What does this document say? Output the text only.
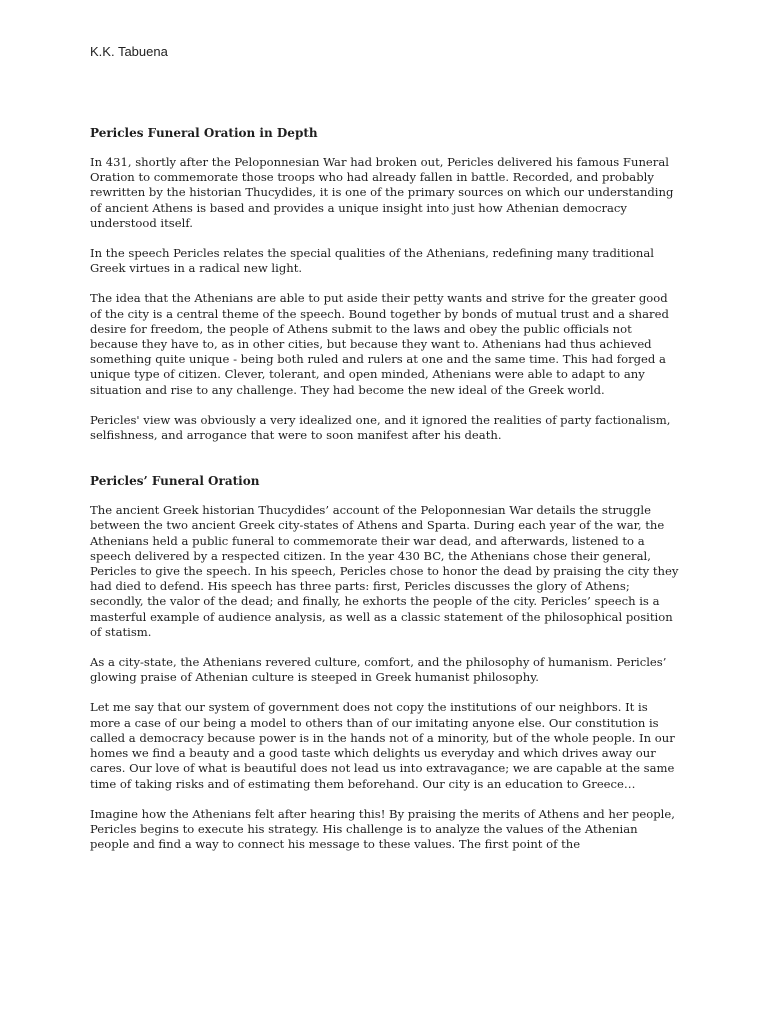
K.K. Tabuena
Pericles Funeral Oration in Depth

In 431, shortly after the Peloponnesian War had broken out, Pericles delivered his famous Funeral Oration to commemorate those troops who had already fallen in battle. Recorded, and probably rewritten by the historian Thucydides, it is one of the primary sources on which our understanding of ancient Athens is based and provides a unique insight into just how Athenian democracy understood itself.

In the speech Pericles relates the special qualities of the Athenians, redefining many traditional Greek virtues in a radical new light.

The idea that the Athenians are able to put aside their petty wants and strive for the greater good of the city is a central theme of the speech. Bound together by bonds of mutual trust and a shared desire for freedom, the people of Athens submit to the laws and obey the public officials not because they have to, as in other cities, but because they want to. Athenians had thus achieved something quite unique - being both ruled and rulers at one and the same time. This had forged a unique type of citizen. Clever, tolerant, and open minded, Athenians were able to adapt to any situation and rise to any challenge. They had become the new ideal of the Greek world.

Pericles' view was obviously a very idealized one, and it ignored the realities of party factionalism, selfishness, and arrogance that were to soon manifest after his death.

Pericles’ Funeral Oration

The ancient Greek historian Thucydides’ account of the Peloponnesian War details the struggle between the two ancient Greek city-states of Athens and Sparta. During each year of the war, the Athenians held a public funeral to commemorate their war dead, and afterwards, listened to a speech delivered by a respected citizen. In the year 430 BC, the Athenians chose their general, Pericles to give the speech. In his speech, Pericles chose to honor the dead by praising the city they had died to defend. His speech has three parts: first, Pericles discusses the glory of Athens; secondly, the valor of the dead; and finally, he exhorts the people of the city. Pericles’ speech is a masterful example of audience analysis, as well as a classic statement of the philosophical position of statism.

As a city-state, the Athenians revered culture, comfort, and the philosophy of humanism. Pericles’ glowing praise of Athenian culture is steeped in Greek humanist philosophy.

Let me say that our system of government does not copy the institutions of our neighbors. It is more a case of our being a model to others than of our imitating anyone else. Our constitution is called a democracy because power is in the hands not of a minority, but of the whole people. In our homes we find a beauty and a good taste which delights us everyday and which drives away our cares. Our love of what is beautiful does not lead us into extravagance; we are capable at the same time of taking risks and of estimating them beforehand. Our city is an education to Greece…

Imagine how the Athenians felt after hearing this! By praising the merits of Athens and her people, Pericles begins to execute his strategy. His challenge is to analyze the values of the Athenian people and find a way to connect his message to these values. The first point of the
